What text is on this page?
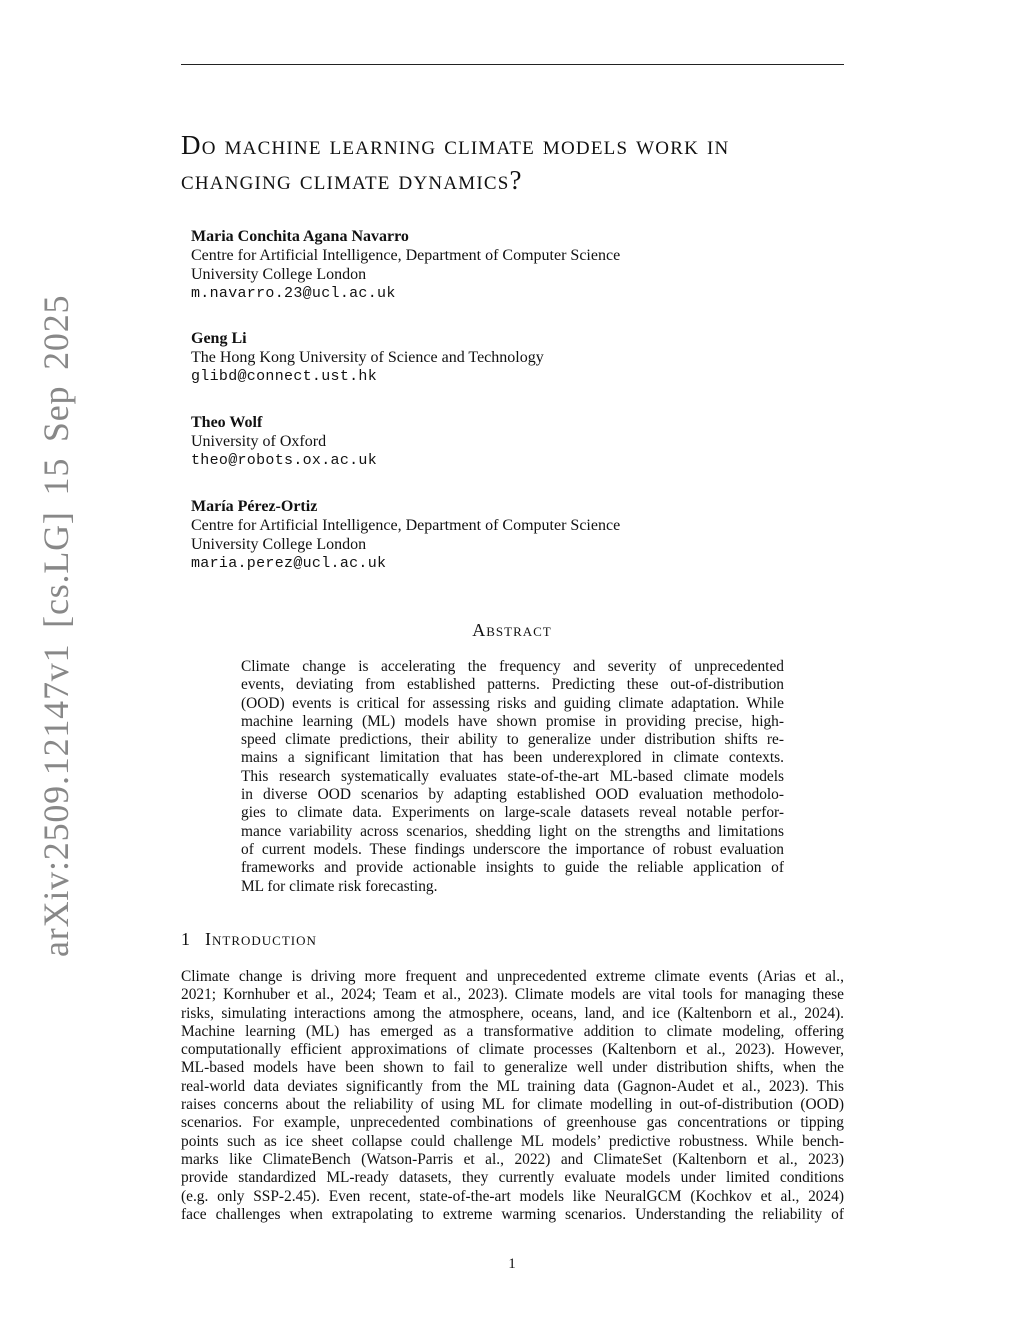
Do machine learning climate models work in
changing climate dynamics?
Maria Conchita Agana Navarro
Centre for Artificial Intelligence, Department of Computer Science
University College London
m.navarro.23@ucl.ac.uk
Geng Li
The Hong Kong University of Science and Technology
glibd@connect.ust.hk
Theo Wolf
University of Oxford
theo@robots.ox.ac.uk
María Pérez-Ortiz
Centre for Artificial Intelligence, Department of Computer Science
University College London
maria.perez@ucl.ac.uk
arXiv:2509.12147v1 [cs.LG] 15 Sep 2025	Abstract

Climate change is accelerating the frequency and severity of unprecedented
events, deviating from established patterns. Predicting these out-of-distribution
(OOD) events is critical for assessing risks and guiding climate adaptation. While
machine learning (ML) models have shown promise in providing precise, high-
speed climate predictions, their ability to generalize under distribution shifts re-
mains a significant limitation that has been underexplored in climate contexts.
This research systematically evaluates state-of-the-art ML-based climate models
in diverse OOD scenarios by adapting established OOD evaluation methodolo-
gies to climate data. Experiments on large-scale datasets reveal notable perfor-
mance variability across scenarios, shedding light on the strengths and limitations
of current models. These findings underscore the importance of robust evaluation
frameworks and provide actionable insights to guide the reliable application of
ML for climate risk forecasting.

1 Introduction

Climate change is driving more frequent and unprecedented extreme climate events (Arias et al.,
2021; Kornhuber et al., 2024; Team et al., 2023). Climate models are vital tools for managing these
risks, simulating interactions among the atmosphere, oceans, land, and ice (Kaltenborn et al., 2024).
Machine learning (ML) has emerged as a transformative addition to climate modeling, offering
computationally efficient approximations of climate processes (Kaltenborn et al., 2023). However,
ML-based models have been shown to fail to generalize well under distribution shifts, when the
real-world data deviates significantly from the ML training data (Gagnon-Audet et al., 2023). This
raises concerns about the reliability of using ML for climate modelling in out-of-distribution (OOD)
scenarios. For example, unprecedented combinations of greenhouse gas concentrations or tipping
points such as ice sheet collapse could challenge ML models’ predictive robustness. While bench-
marks like ClimateBench (Watson-Parris et al., 2022) and ClimateSet (Kaltenborn et al., 2023)
provide standardized ML-ready datasets, they currently evaluate models under limited conditions
(e.g. only SSP-2.45). Even recent, state-of-the-art models like NeuralGCM (Kochkov et al., 2024)
face challenges when extrapolating to extreme warming scenarios. Understanding the reliability of

1
